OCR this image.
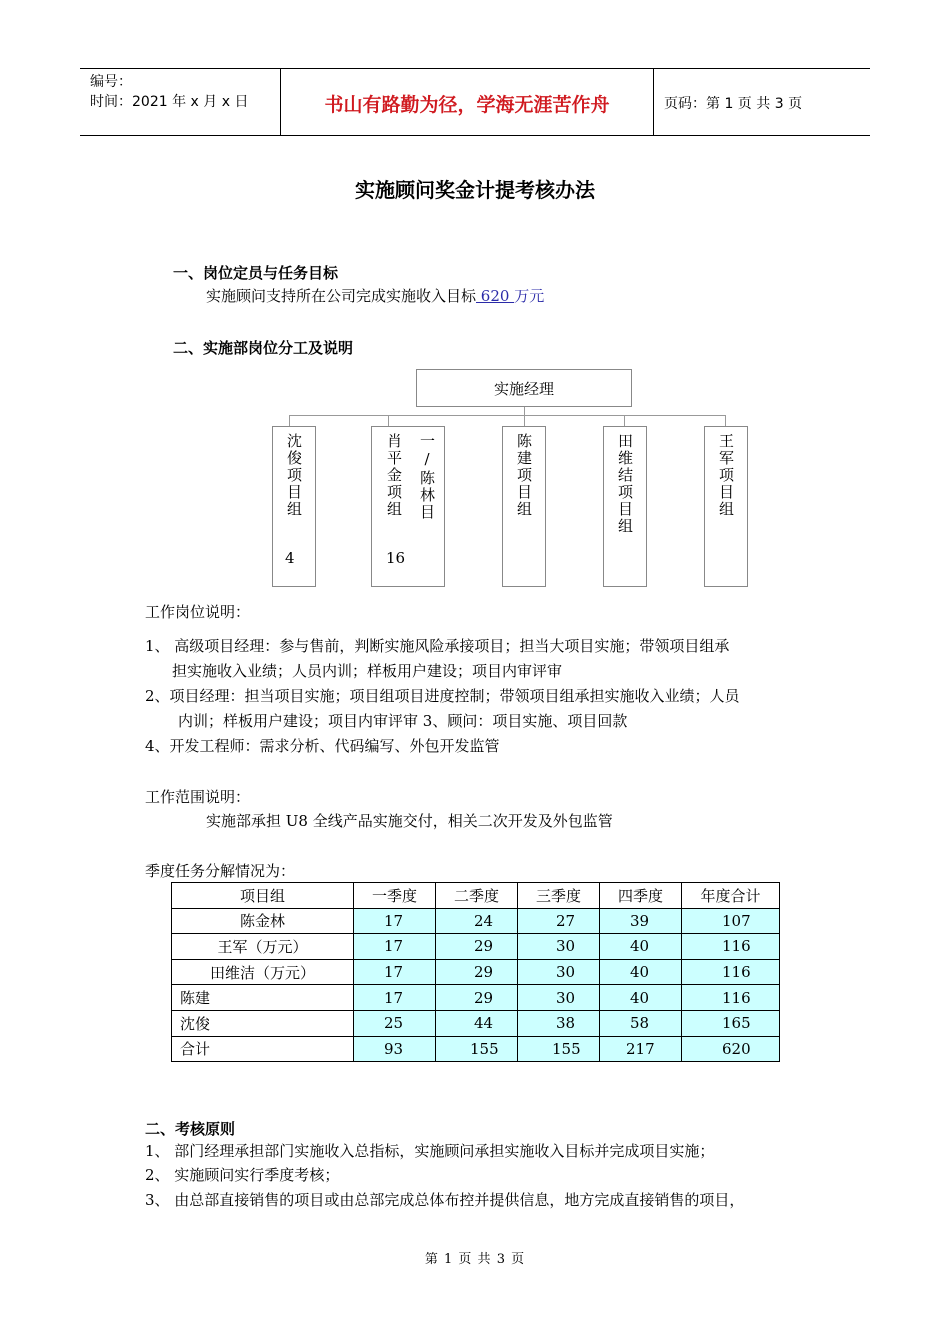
编号：
时间：2021 年 x 月 x 日	书山有路勤为径，学海无涯苦作舟	页码：第 1 页 共 3 页
实施顾问奖金计提考核办法
一、岗位定员与任务目标
实施顾问支持所在公司完成实施收入目标 620 万元
二、实施部岗位分工及说明
实施经理
沈俊项目组
4
肖平金项组 一/陈林目
16
陈建项目组	田维结项目组	王军项目组
工作岗位说明：
1、 高级项目经理：参与售前，判断实施风险承接项目；担当大项目实施；带领项目组承
担实施收入业绩；人员内训；样板用户建设；项目内审评审
2、项目经理：担当项目实施；项目组项目进度控制；带领项目组承担实施收入业绩；人员
内训；样板用户建设；项目内审评审 3、顾问：项目实施、项目回款
4、开发工程师：需求分析、代码编写、外包开发监管
工作范围说明：
实施部承担 U8 全线产品实施交付，相关二次开发及外包监管
季度任务分解情况为：
项目组	一季度	二季度	三季度	四季度	年度合计
陈金林	17	24	27	39	107
王军（万元）	17	29	30	40	116
田维洁（万元）	17	29	30	40	116
陈建	17	29	30	40	116
沈俊	25	44	38	58	165
合计	93	155	155	217	620
二、考核原则
1、 部门经理承担部门实施收入总指标，实施顾问承担实施收入目标并完成项目实施；
2、 实施顾问实行季度考核；
3、 由总部直接销售的项目或由总部完成总体布控并提供信息，地方完成直接销售的项目，
第 1 页 共 3 页
